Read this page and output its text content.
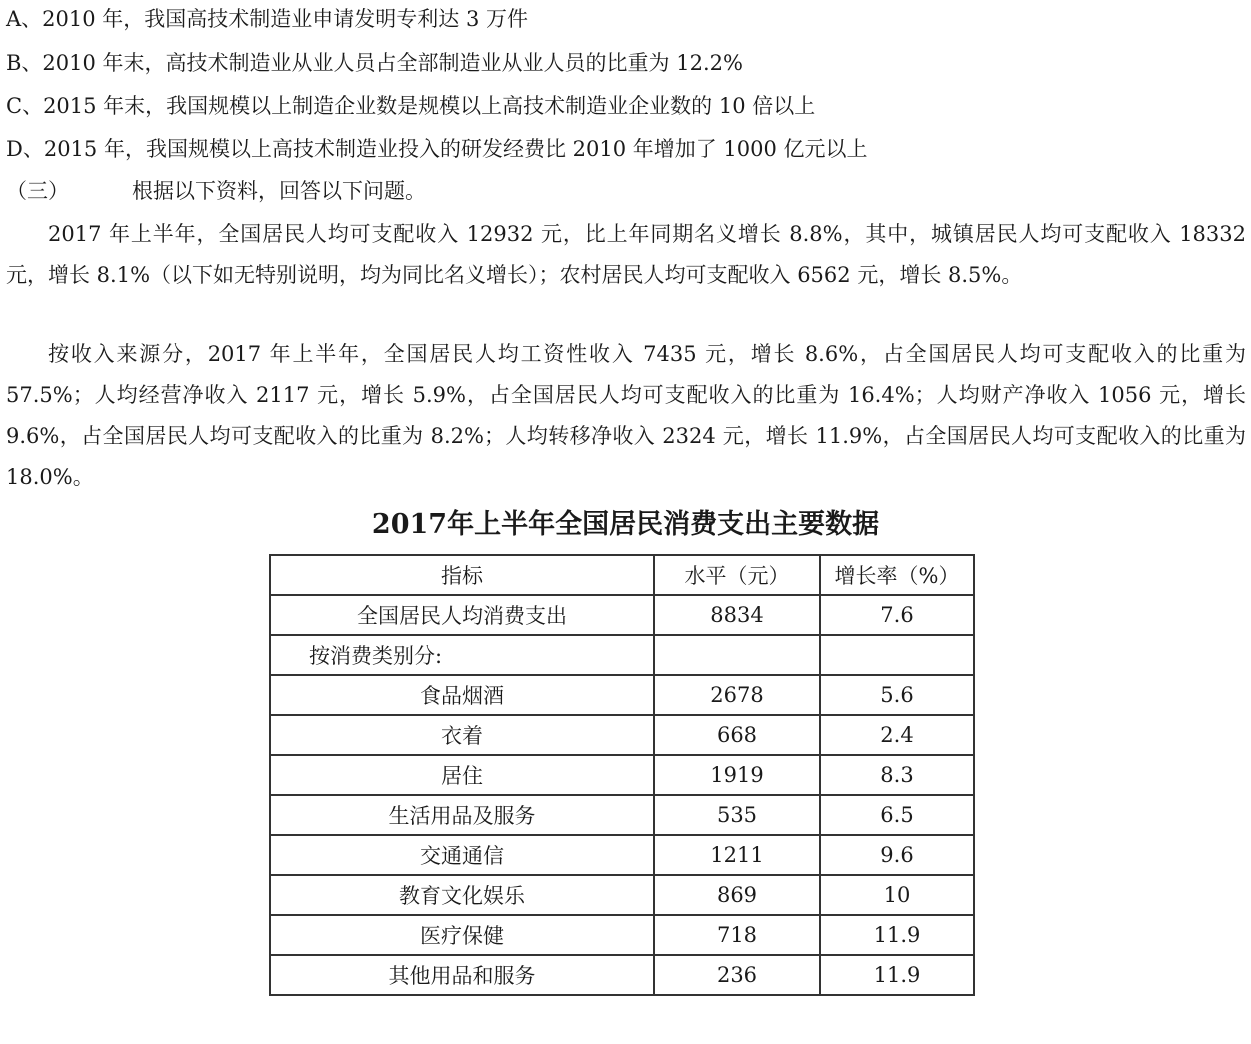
A、2010 年，我国高技术制造业申请发明专利达 3 万件
B、2010 年末，高技术制造业从业人员占全部制造业从业人员的比重为 12.2%
C、2015 年末，我国规模以上制造企业数是规模以上高技术制造业企业数的 10 倍以上
D、2015 年，我国规模以上高技术制造业投入的研发经费比 2010 年增加了 1000 亿元以上
（三）	根据以下资料，回答以下问题。

2017 年上半年，全国居民人均可支配收入 12932 元，比上年同期名义增长 8.8%，其中，城镇居民人均可支配收入 18332 元，增长 8.1%（以下如无特别说明，均为同比名义增长）；农村居民人均可支配收入 6562 元，增长 8.5%。

按收入来源分，2017 年上半年，全国居民人均工资性收入 7435 元，增长 8.6%，占全国居民人均可支配收入的比重为 57.5%；人均经营净收入 2117 元，增长 5.9%，占全国居民人均可支配收入的比重为 16.4%；人均财产净收入 1056 元，增长 9.6%，占全国居民人均可支配收入的比重为 8.2%；人均转移净收入 2324 元，增长 11.9%，占全国居民人均可支配收入的比重为 18.0%。

2017年上半年全国居民消费支出主要数据
指标	水平（元）	增长率（%）
全国居民人均消费支出	8834	7.6
按消费类别分:		
食品烟酒	2678	5.6
衣着	668	2.4
居住	1919	8.3
生活用品及服务	535	6.5
交通通信	1211	9.6
教育文化娱乐	869	10
医疗保健	718	11.9
其他用品和服务	236	11.9
